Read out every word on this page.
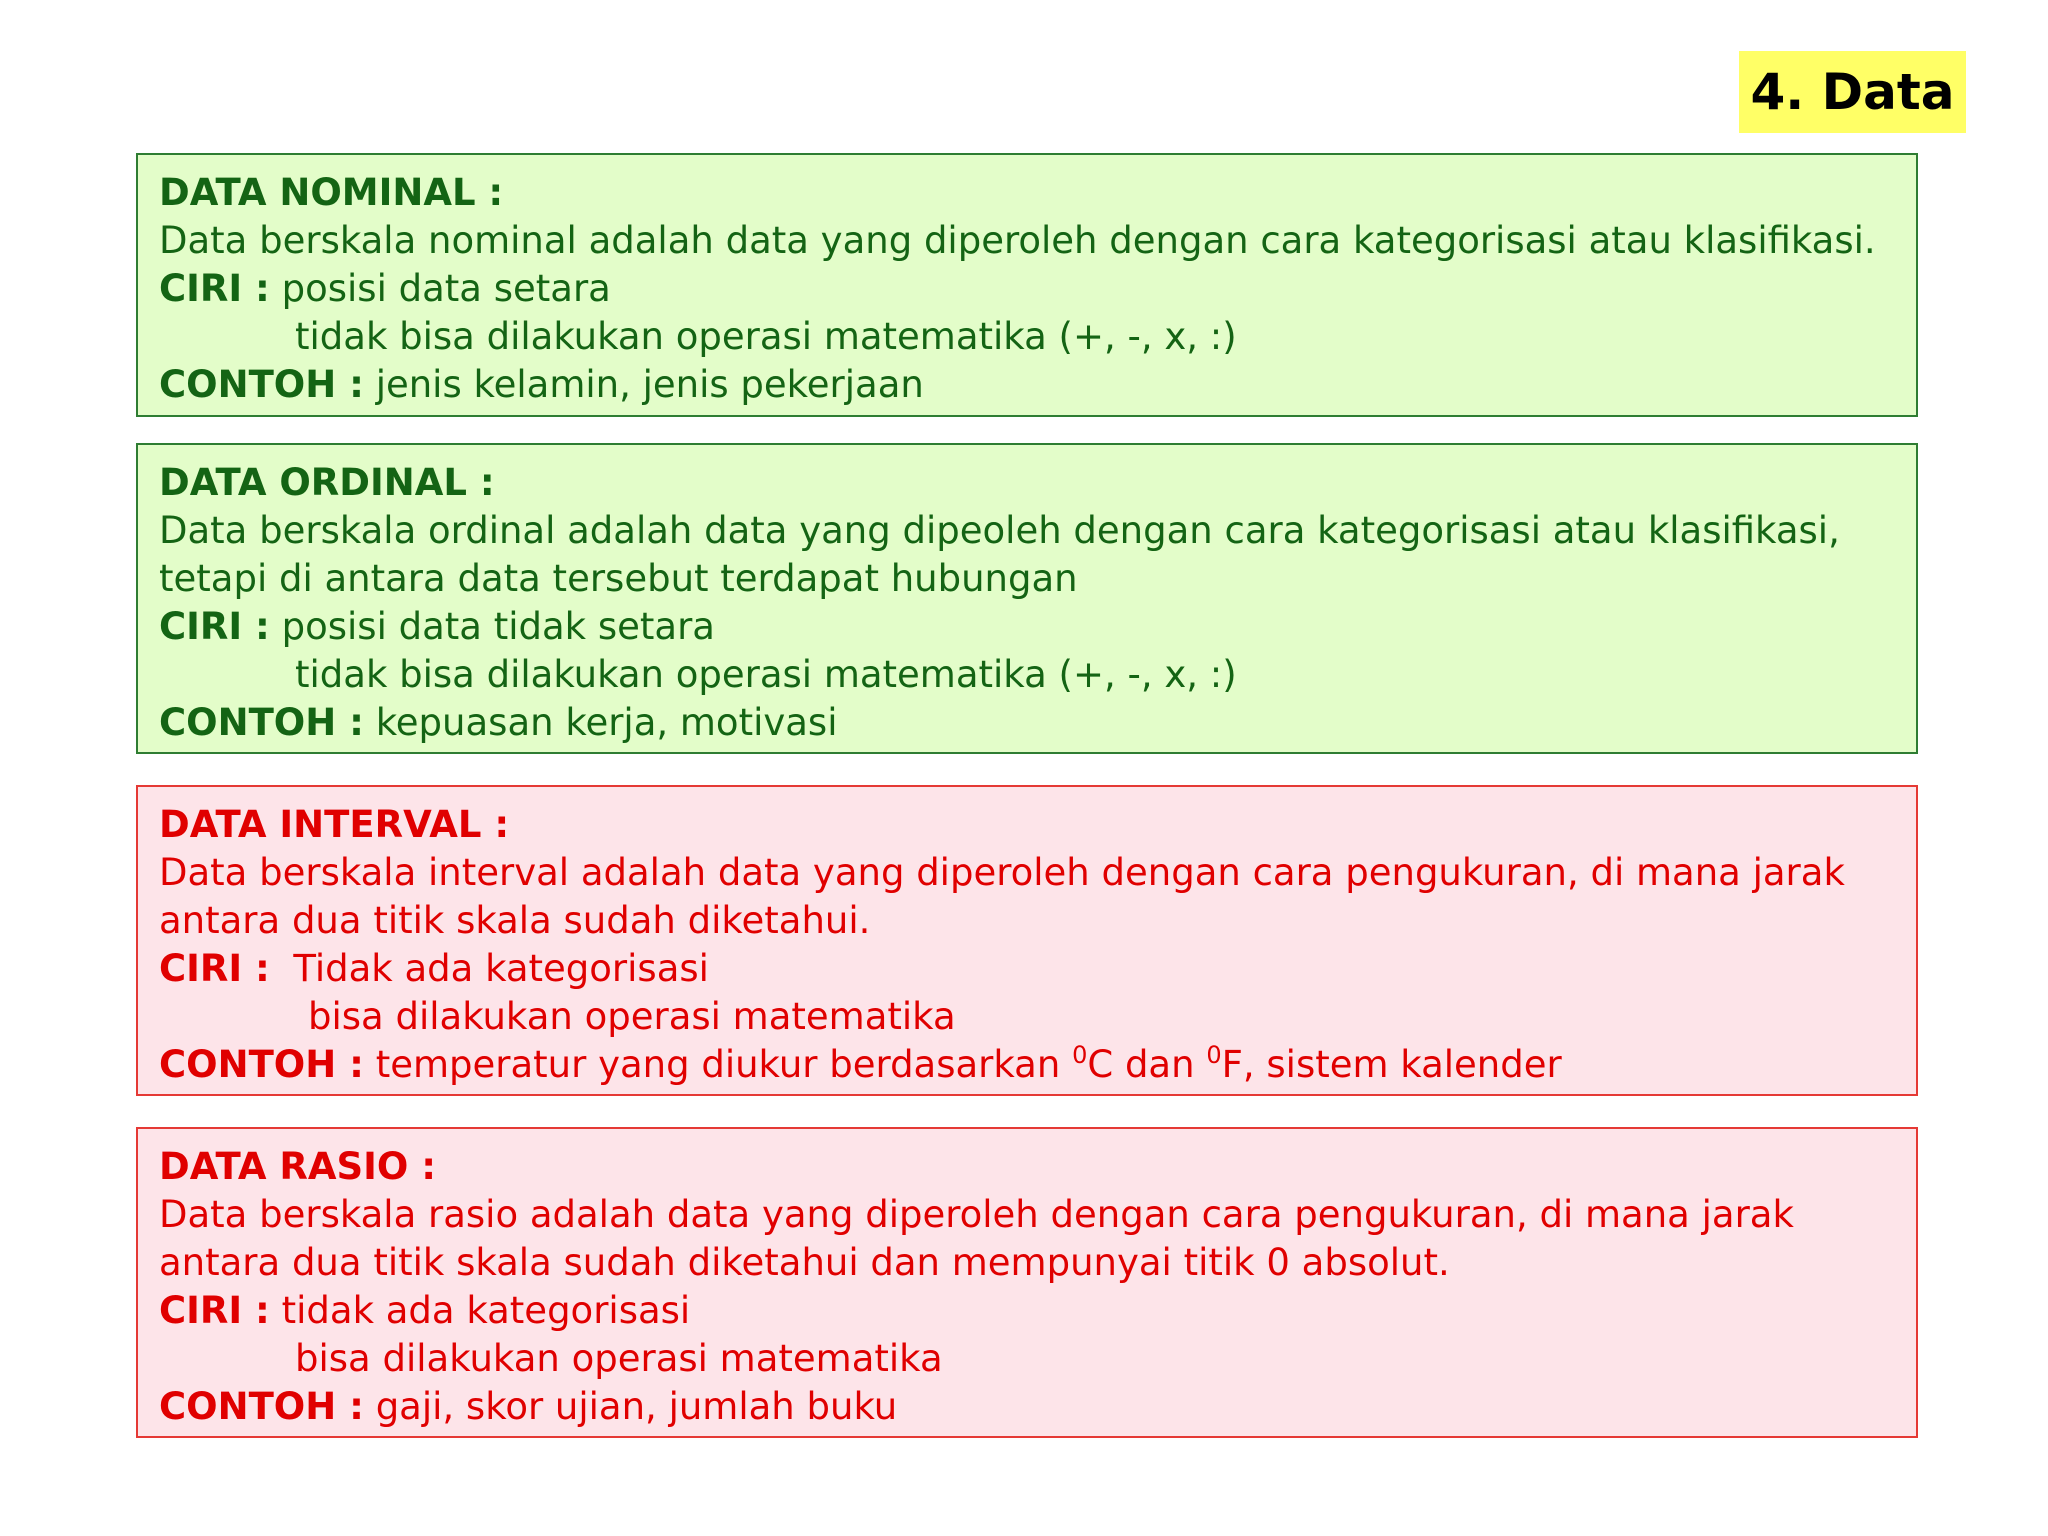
4. Data
DATA NOMINAL :
Data berskala nominal adalah data yang diperoleh dengan cara kategorisasi atau klasifikasi.
CIRI : posisi data setara
tidak bisa dilakukan operasi matematika (+, -, x, :)
CONTOH : jenis kelamin, jenis pekerjaan
DATA ORDINAL :
Data berskala ordinal adalah data yang dipeoleh dengan cara kategorisasi atau klasifikasi, tetapi di antara data tersebut terdapat hubungan
CIRI : posisi data tidak setara
tidak bisa dilakukan operasi matematika (+, -, x, :)
CONTOH : kepuasan kerja, motivasi
DATA INTERVAL :
Data berskala interval adalah data yang diperoleh dengan cara pengukuran, di mana jarak antara dua titik skala sudah diketahui.
CIRI : Tidak ada kategorisasi
bisa dilakukan operasi matematika
CONTOH : temperatur yang diukur berdasarkan $^0$C dan $^0$F, sistem kalender
DATA RASIO :
Data berskala rasio adalah data yang diperoleh dengan cara pengukuran, di mana jarak antara dua titik skala sudah diketahui dan mempunyai titik 0 absolut.
CIRI : tidak ada kategorisasi
bisa dilakukan operasi matematika
CONTOH : gaji, skor ujian, jumlah buku
